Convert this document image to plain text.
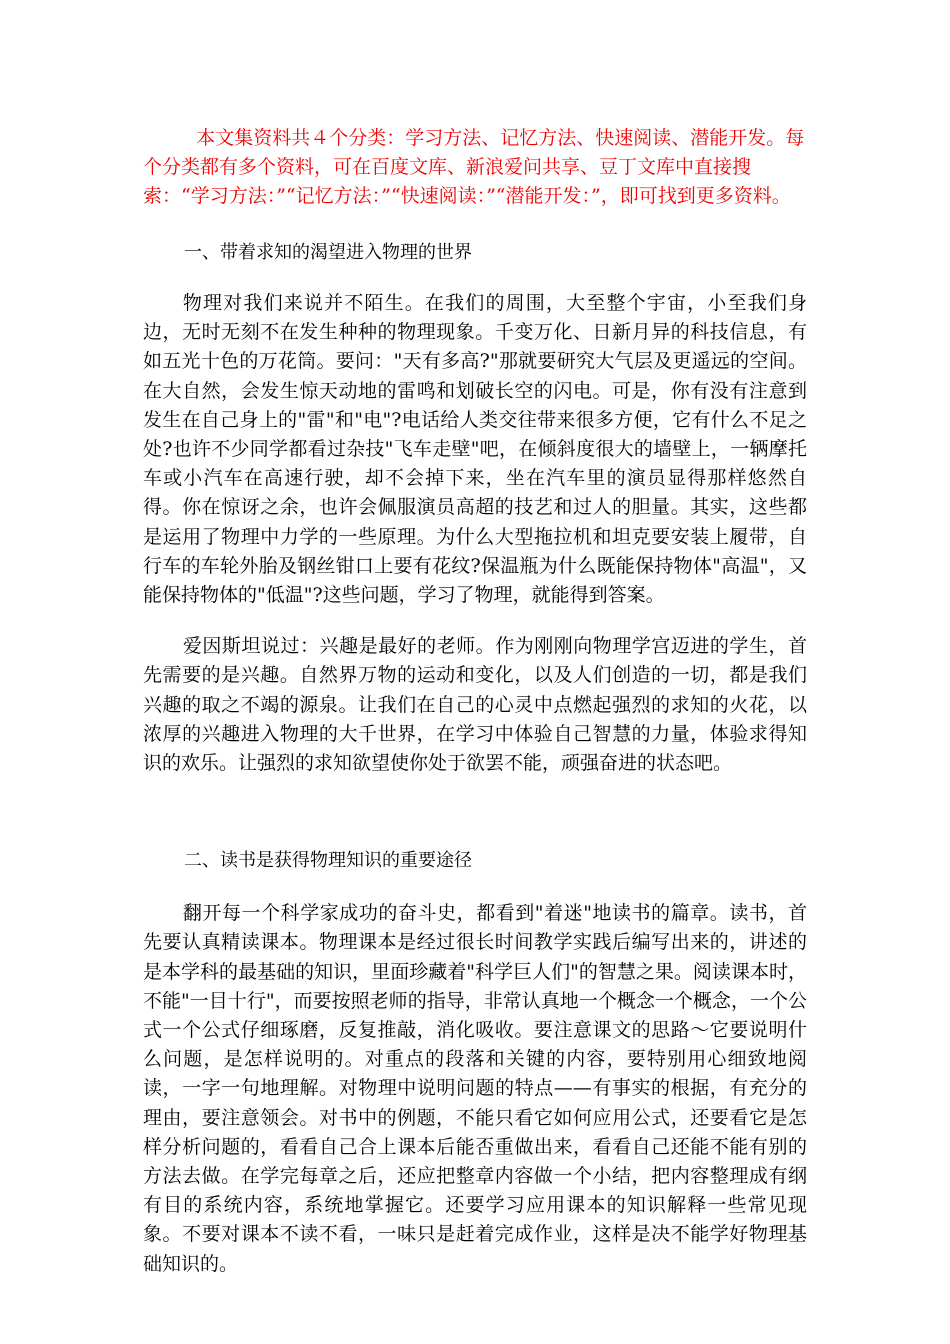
本文集资料共４个分类：学习方法、记忆方法、快速阅读、潜能开发。每个分类都有多个资料，可在百度文库、新浪爱问共享、豆丁文库中直接搜索：“学习方法：”“记忆方法：”“快速阅读：”“潜能开发：”，即可找到更多资料。

一、带着求知的渴望进入物理的世界

物理对我们来说并不陌生。在我们的周围，大至整个宇宙，小至我们身边，无时无刻不在发生种种的物理现象。千变万化、日新月异的科技信息，有如五光十色的万花筒。要问："天有多高?"那就要研究大气层及更遥远的空间。在大自然，会发生惊天动地的雷鸣和划破长空的闪电。可是，你有没有注意到发生在自己身上的"雷"和"电"?电话给人类交往带来很多方便，它有什么不足之处?也许不少同学都看过杂技"飞车走壁"吧，在倾斜度很大的墙壁上，一辆摩托车或小汽车在高速行驶，却不会掉下来，坐在汽车里的演员显得那样悠然自得。你在惊讶之余，也许会佩服演员高超的技艺和过人的胆量。其实，这些都是运用了物理中力学的一些原理。为什么大型拖拉机和坦克要安装上履带，自行车的车轮外胎及钢丝钳口上要有花纹?保温瓶为什么既能保持物体"高温"，又能保持物体的"低温"?这些问题，学习了物理，就能得到答案。

爱因斯坦说过：兴趣是最好的老师。作为刚刚向物理学宫迈进的学生，首先需要的是兴趣。自然界万物的运动和变化，以及人们创造的一切，都是我们兴趣的取之不竭的源泉。让我们在自己的心灵中点燃起强烈的求知的火花，以浓厚的兴趣进入物理的大千世界，在学习中体验自己智慧的力量，体验求得知识的欢乐。让强烈的求知欲望使你处于欲罢不能，顽强奋进的状态吧。

二、读书是获得物理知识的重要途径

翻开每一个科学家成功的奋斗史，都看到"着迷"地读书的篇章。读书，首先要认真精读课本。物理课本是经过很长时间教学实践后编写出来的，讲述的是本学科的最基础的知识，里面珍藏着"科学巨人们"的智慧之果。阅读课本时，不能"一目十行"，而要按照老师的指导，非常认真地一个概念一个概念，一个公式一个公式仔细琢磨，反复推敲，消化吸收。要注意课文的思路～它要说明什么问题，是怎样说明的。对重点的段落和关键的内容，要特别用心细致地阅读，一字一句地理解。对物理中说明问题的特点——有事实的根据，有充分的理由，要注意领会。对书中的例题，不能只看它如何应用公式，还要看它是怎样分析问题的，看看自己合上课本后能否重做出来，看看自己还能不能有别的方法去做。在学完每章之后，还应把整章内容做一个小结，把内容整理成有纲有目的系统内容，系统地掌握它。还要学习应用课本的知识解释一些常见现象。不要对课本不读不看，一味只是赶着完成作业，这样是决不能学好物理基础知识的。
